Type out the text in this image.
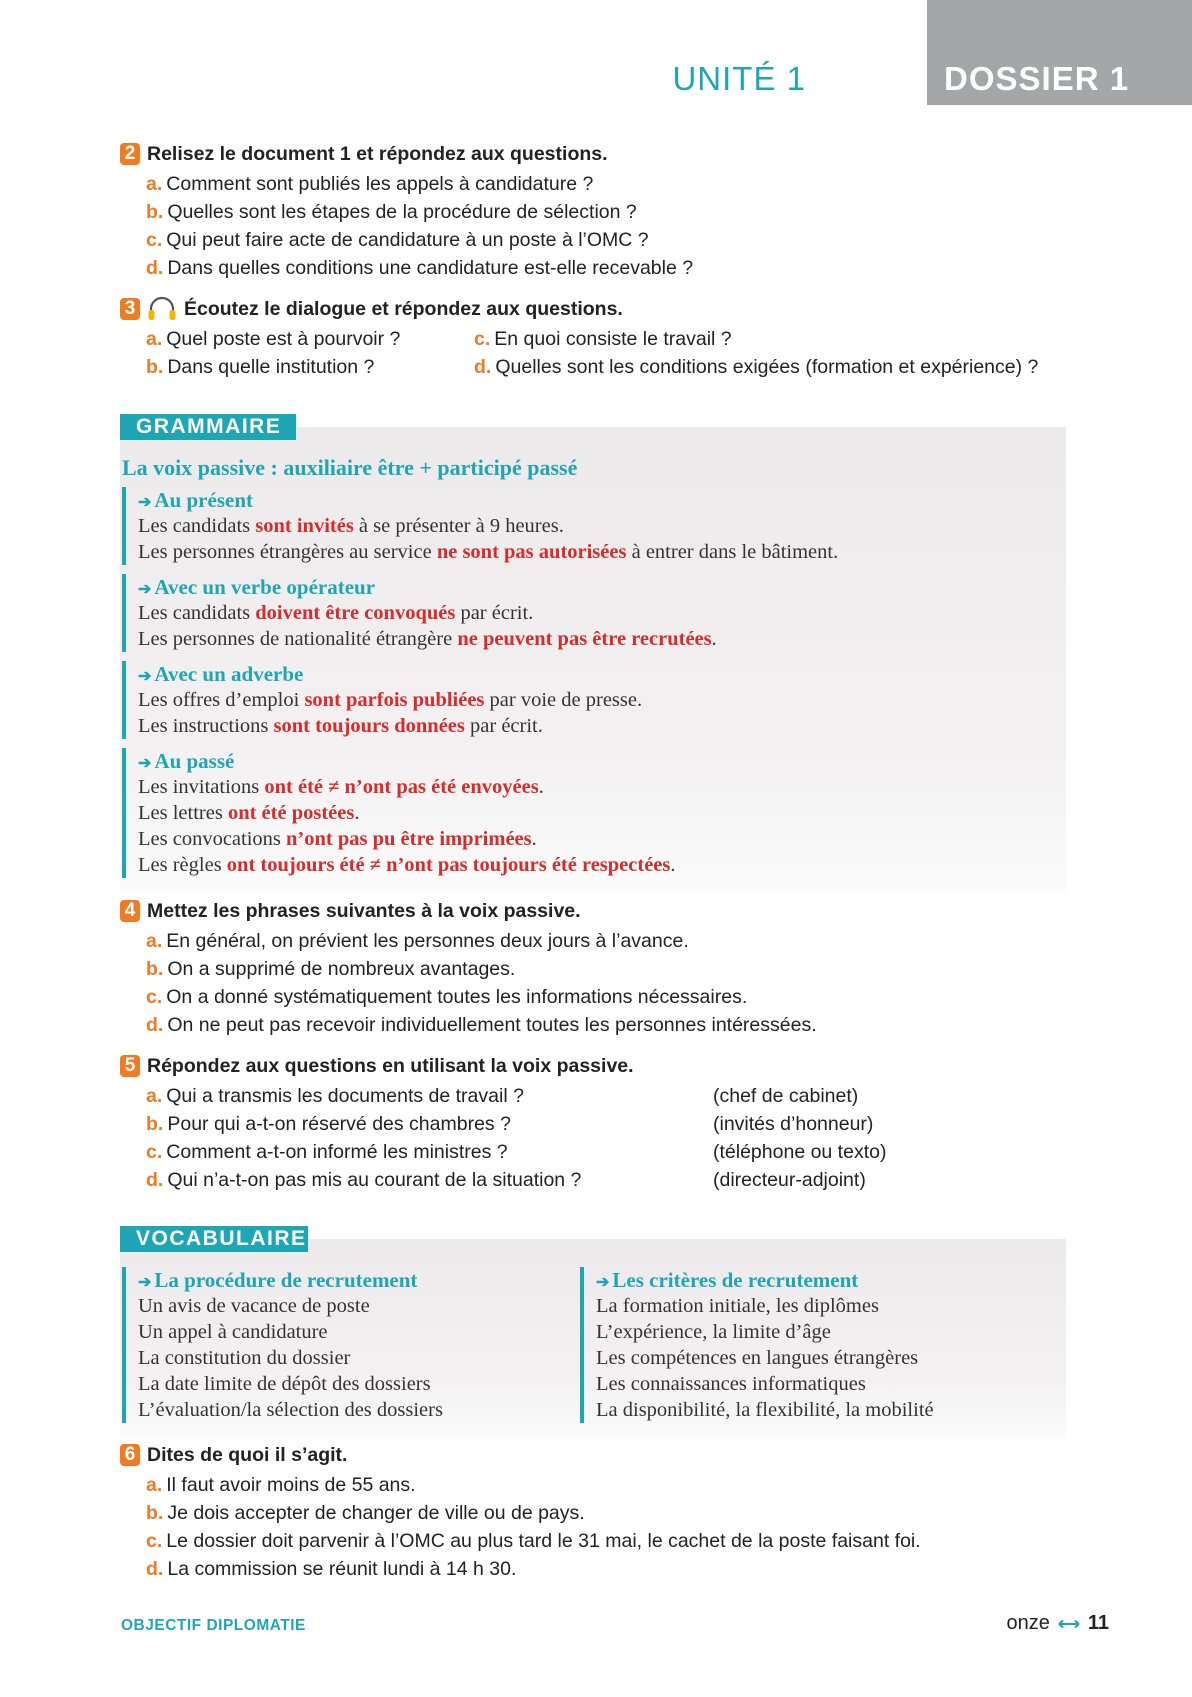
UNITÉ 1	DOSSIER 1
2 Relisez le document 1 et répondez aux questions.
a. Comment sont publiés les appels à candidature ?
b. Quelles sont les étapes de la procédure de sélection ?
c. Qui peut faire acte de candidature à un poste à l’OMC ?
d. Dans quelles conditions une candidature est-elle recevable ?
3 Écoutez le dialogue et répondez aux questions.
a. Quel poste est à pourvoir ?	c. En quoi consiste le travail ?
b. Dans quelle institution ?	d. Quelles sont les conditions exigées (formation et expérience) ?
GRAMMAIRE
La voix passive : auxiliaire être + participé passé
➔ Au présent
Les candidats sont invités à se présenter à 9 heures.
Les personnes étrangères au service ne sont pas autorisées à entrer dans le bâtiment.
➔ Avec un verbe opérateur
Les candidats doivent être convoqués par écrit.
Les personnes de nationalité étrangère ne peuvent pas être recrutées.
➔ Avec un adverbe
Les offres d’emploi sont parfois publiées par voie de presse.
Les instructions sont toujours données par écrit.
➔ Au passé
Les invitations ont été ≠ n’ont pas été envoyées.
Les lettres ont été postées.
Les convocations n’ont pas pu être imprimées.
Les règles ont toujours été ≠ n’ont pas toujours été respectées.
4 Mettez les phrases suivantes à la voix passive.
a. En général, on prévient les personnes deux jours à l’avance.
b. On a supprimé de nombreux avantages.
c. On a donné systématiquement toutes les informations nécessaires.
d. On ne peut pas recevoir individuellement toutes les personnes intéressées.
5 Répondez aux questions en utilisant la voix passive.
a. Qui a transmis les documents de travail ?	(chef de cabinet)
b. Pour qui a-t-on réservé des chambres ?	(invités d’honneur)
c. Comment a-t-on informé les ministres ?	(téléphone ou texto)
d. Qui n’a-t-on pas mis au courant de la situation ?	(directeur-adjoint)
VOCABULAIRE
➔ La procédure de recrutement
Un avis de vacance de poste
Un appel à candidature
La constitution du dossier
La date limite de dépôt des dossiers
L’évaluation/la sélection des dossiers
➔ Les critères de recrutement
La formation initiale, les diplômes
L’expérience, la limite d’âge
Les compétences en langues étrangères
Les connaissances informatiques
La disponibilité, la flexibilité, la mobilité
6 Dites de quoi il s’agit.
a. Il faut avoir moins de 55 ans.
b. Je dois accepter de changer de ville ou de pays.
c. Le dossier doit parvenir à l’OMC au plus tard le 31 mai, le cachet de la poste faisant foi.
d. La commission se réunit lundi à 14 h 30.
OBJECTIF DIPLOMATIE	onze 11
